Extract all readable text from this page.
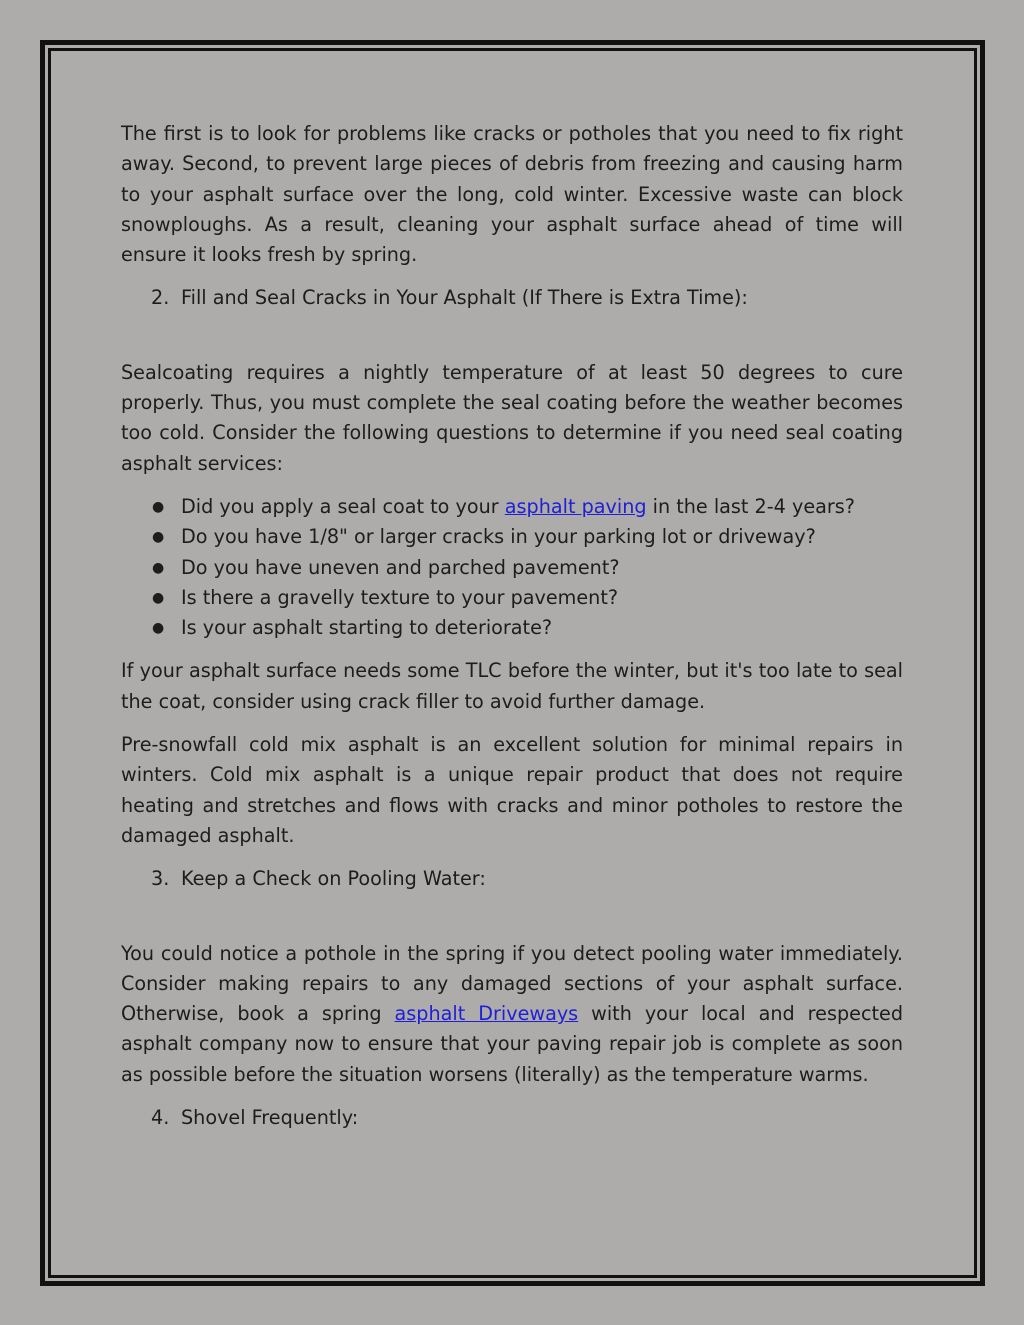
The first is to look for problems like cracks or potholes that you need to fix right away. Second, to prevent large pieces of debris from freezing and causing harm to your asphalt surface over the long, cold winter. Excessive waste can block snowploughs. As a result, cleaning your asphalt surface ahead of time will ensure it looks fresh by spring.

2. Fill and Seal Cracks in Your Asphalt (If There is Extra Time):

Sealcoating requires a nightly temperature of at least 50 degrees to cure properly. Thus, you must complete the seal coating before the weather becomes too cold. Consider the following questions to determine if you need seal coating asphalt services:

● Did you apply a seal coat to your asphalt paving in the last 2-4 years?
● Do you have 1/8" or larger cracks in your parking lot or driveway?
● Do you have uneven and parched pavement?
● Is there a gravelly texture to your pavement?
● Is your asphalt starting to deteriorate?

If your asphalt surface needs some TLC before the winter, but it's too late to seal the coat, consider using crack filler to avoid further damage.

Pre-snowfall cold mix asphalt is an excellent solution for minimal repairs in winters. Cold mix asphalt is a unique repair product that does not require heating and stretches and flows with cracks and minor potholes to restore the damaged asphalt.

3. Keep a Check on Pooling Water:

You could notice a pothole in the spring if you detect pooling water immediately. Consider making repairs to any damaged sections of your asphalt surface. Otherwise, book a spring asphalt Driveways with your local and respected asphalt company now to ensure that your paving repair job is complete as soon as possible before the situation worsens (literally) as the temperature warms.

4. Shovel Frequently:
